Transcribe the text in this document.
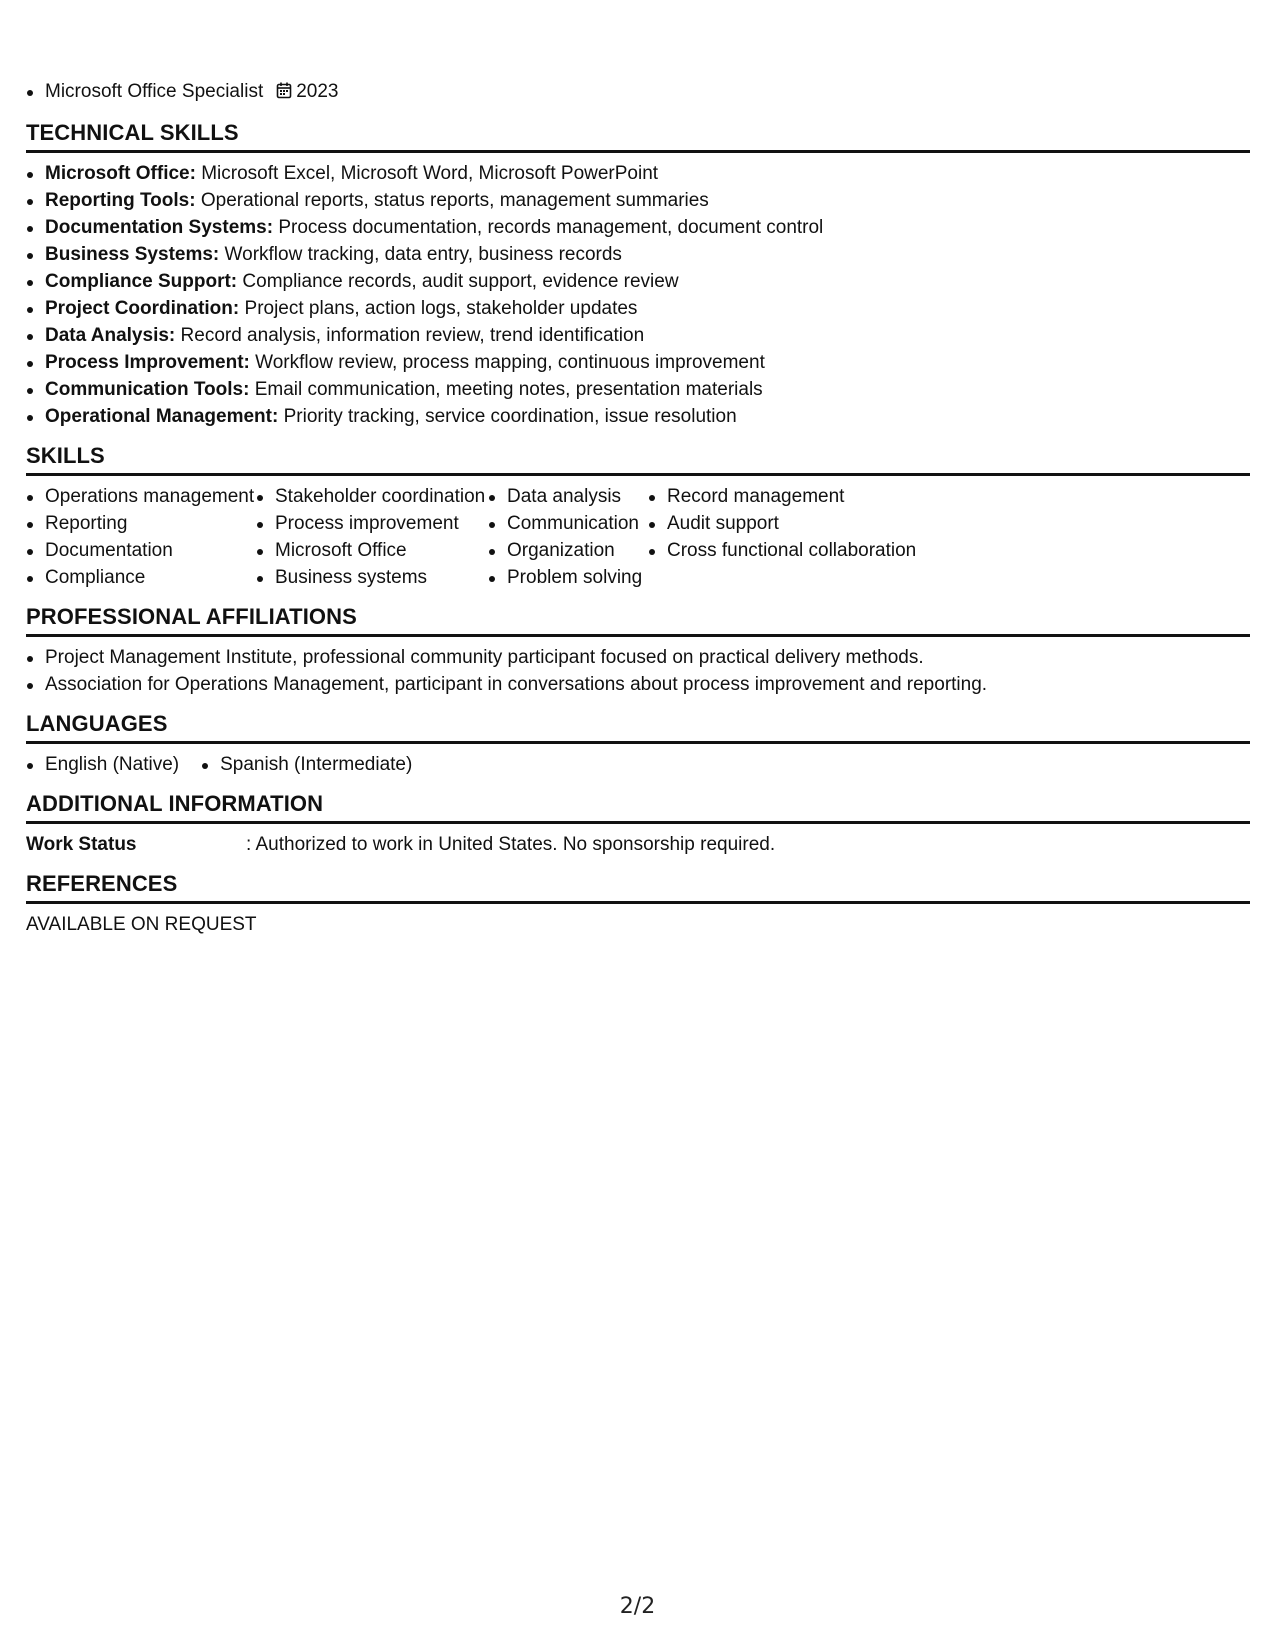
Microsoft Office Specialist 2023
TECHNICAL SKILLS
Microsoft Office: Microsoft Excel, Microsoft Word, Microsoft PowerPoint
Reporting Tools: Operational reports, status reports, management summaries
Documentation Systems: Process documentation, records management, document control
Business Systems: Workflow tracking, data entry, business records
Compliance Support: Compliance records, audit support, evidence review
Project Coordination: Project plans, action logs, stakeholder updates
Data Analysis: Record analysis, information review, trend identification
Process Improvement: Workflow review, process mapping, continuous improvement
Communication Tools: Email communication, meeting notes, presentation materials
Operational Management: Priority tracking, service coordination, issue resolution
SKILLS
Operations management
Reporting
Documentation
Compliance
Stakeholder coordination
Process improvement
Microsoft Office
Business systems
Data analysis
Communication
Organization
Problem solving
Record management
Audit support
Cross functional collaboration
PROFESSIONAL AFFILIATIONS
Project Management Institute, professional community participant focused on practical delivery methods.
Association for Operations Management, participant in conversations about process improvement and reporting.
LANGUAGES
English (Native)	Spanish (Intermediate)
ADDITIONAL INFORMATION
Work Status	: Authorized to work in United States. No sponsorship required.
REFERENCES
AVAILABLE ON REQUEST
2/2
